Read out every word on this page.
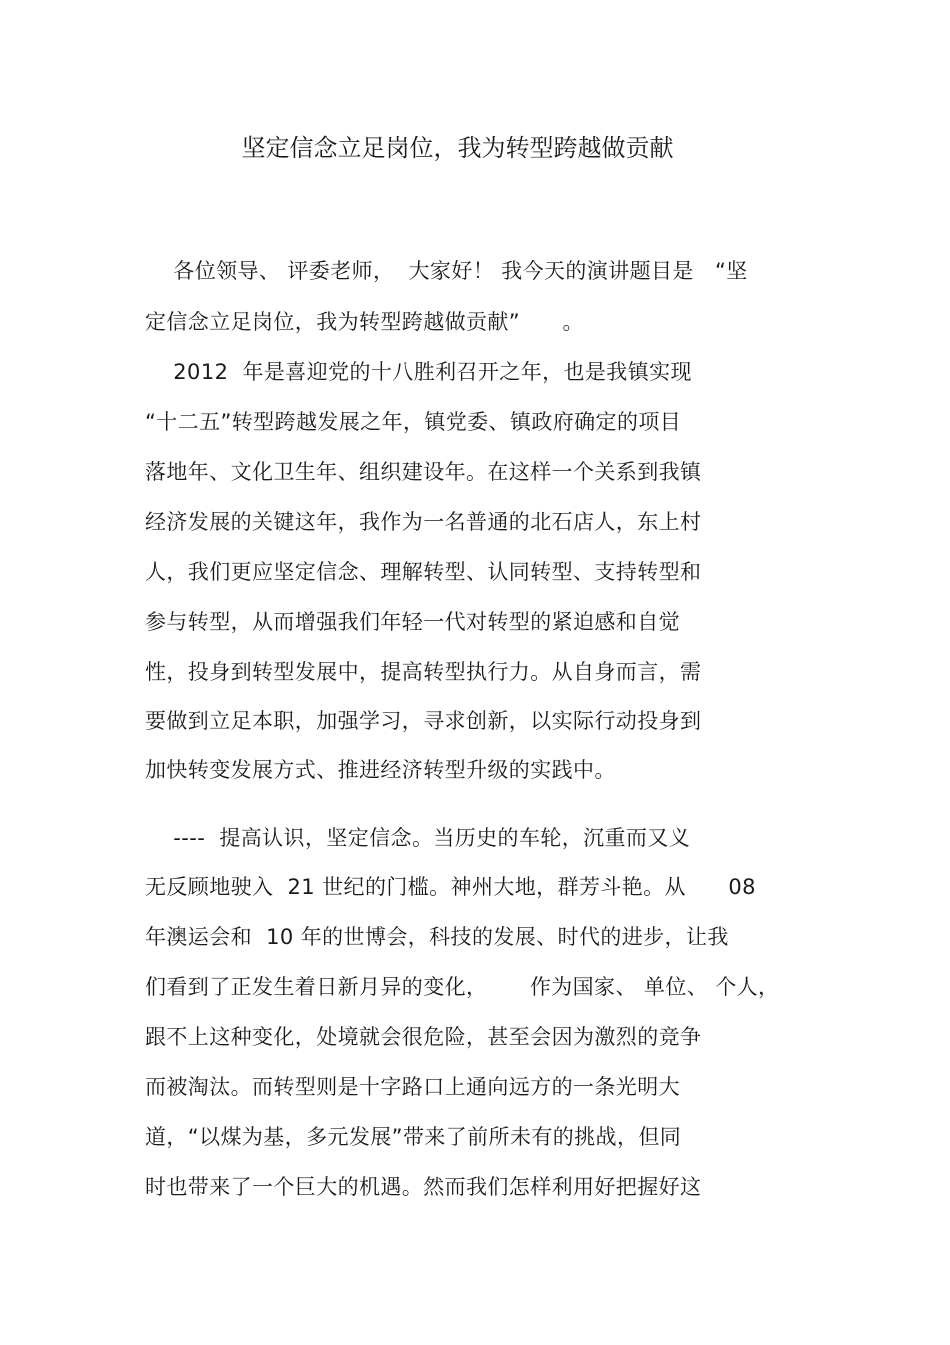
坚定信念立足岗位，我为转型跨越做贡献
各位领导、 评委老师，  大家好！ 我今天的演讲题目是   “坚
定信念立足岗位，我为转型跨越做贡献”      。
2012  年是喜迎党的十八胜利召开之年，也是我镇实现
“十二五”转型跨越发展之年，镇党委、镇政府确定的项目
落地年、文化卫生年、组织建设年。在这样一个关系到我镇
经济发展的关键这年，我作为一名普通的北石店人，东上村
人，我们更应坚定信念、理解转型、认同转型、支持转型和
参与转型，从而增强我们年轻一代对转型的紧迫感和自觉
性，投身到转型发展中，提高转型执行力。从自身而言，需
要做到立足本职，加强学习，寻求创新，以实际行动投身到
加快转变发展方式、推进经济转型升级的实践中。
----  提高认识，坚定信念。当历史的车轮，沉重而又义
无反顾地驶入  21 世纪的门槛。神州大地，群芳斗艳。从      08
年澳运会和  10 年的世博会，科技的发展、时代的进步，让我
们看到了正发生着日新月异的变化，      作为国家、 单位、 个人，
跟不上这种变化，处境就会很危险，甚至会因为激烈的竞争
而被淘汰。而转型则是十字路口上通向远方的一条光明大
道，“以煤为基，多元发展”带来了前所未有的挑战，但同
时也带来了一个巨大的机遇。然而我们怎样利用好把握好这
